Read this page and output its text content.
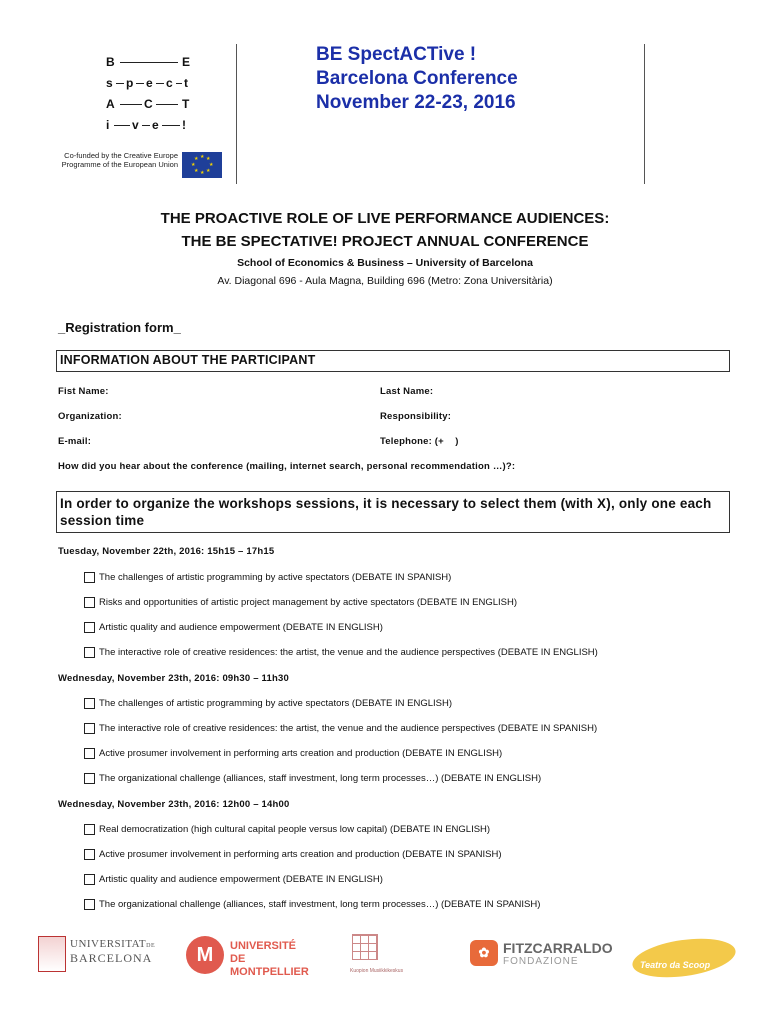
B	E
s p e c t
A C T
i v e !
Co-funded by the Creative Europe Programme of the European Union
★ ★
★
★
★
★
★
★
BE SpectACTive !
Barcelona Conference
November 22-23, 2016
THE PROACTIVE ROLE OF LIVE PERFORMANCE AUDIENCES:
THE BE SPECTATIVE! PROJECT ANNUAL CONFERENCE
School of Economics & Business – University of Barcelona
Av. Diagonal 696 - Aula Magna, Building 696 (Metro: Zona Universitària)
_Registration form_
INFORMATION ABOUT THE PARTICIPANT
Fist Name:	Last Name:
Organization:	Responsibility:
E-mail:	Telephone: (+    )
How did you hear about the conference (mailing, internet search, personal recommendation …)?:
In order to organize the workshops sessions, it is necessary to select them (with X), only one each session time
Tuesday, November 22th, 2016: 15h15 – 17h15
The challenges of artistic programming by active spectators (DEBATE IN SPANISH)
Risks and opportunities of artistic project management by active spectators (DEBATE IN ENGLISH)
Artistic quality and audience empowerment (DEBATE IN ENGLISH)
The interactive role of creative residences: the artist, the venue and the audience perspectives (DEBATE IN ENGLISH)
Wednesday, November 23th, 2016: 09h30 – 11h30
The challenges of artistic programming by active spectators (DEBATE IN ENGLISH)
The interactive role of creative residences: the artist, the venue and the audience perspectives (DEBATE IN SPANISH)
Active prosumer involvement in performing arts creation and production (DEBATE IN ENGLISH)
The organizational challenge (alliances, staff investment, long term processes…) (DEBATE IN ENGLISH)
Wednesday, November 23th, 2016: 12h00 – 14h00
Real democratization (high cultural capital people versus low capital) (DEBATE IN ENGLISH)
Active prosumer involvement in performing arts creation and production (DEBATE IN SPANISH)
Artistic quality and audience empowerment (DEBATE IN ENGLISH)
The organizational challenge (alliances, staff investment, long term processes…) (DEBATE IN SPANISH)
UNIVERSITATDE
BARCELONA	M	UNIVERSITÉ
DE MONTPELLIER	Kuopion Musiikkikeskus
✿ FITZCARRALDO
FONDAZIONE	Teatro da Scoop
